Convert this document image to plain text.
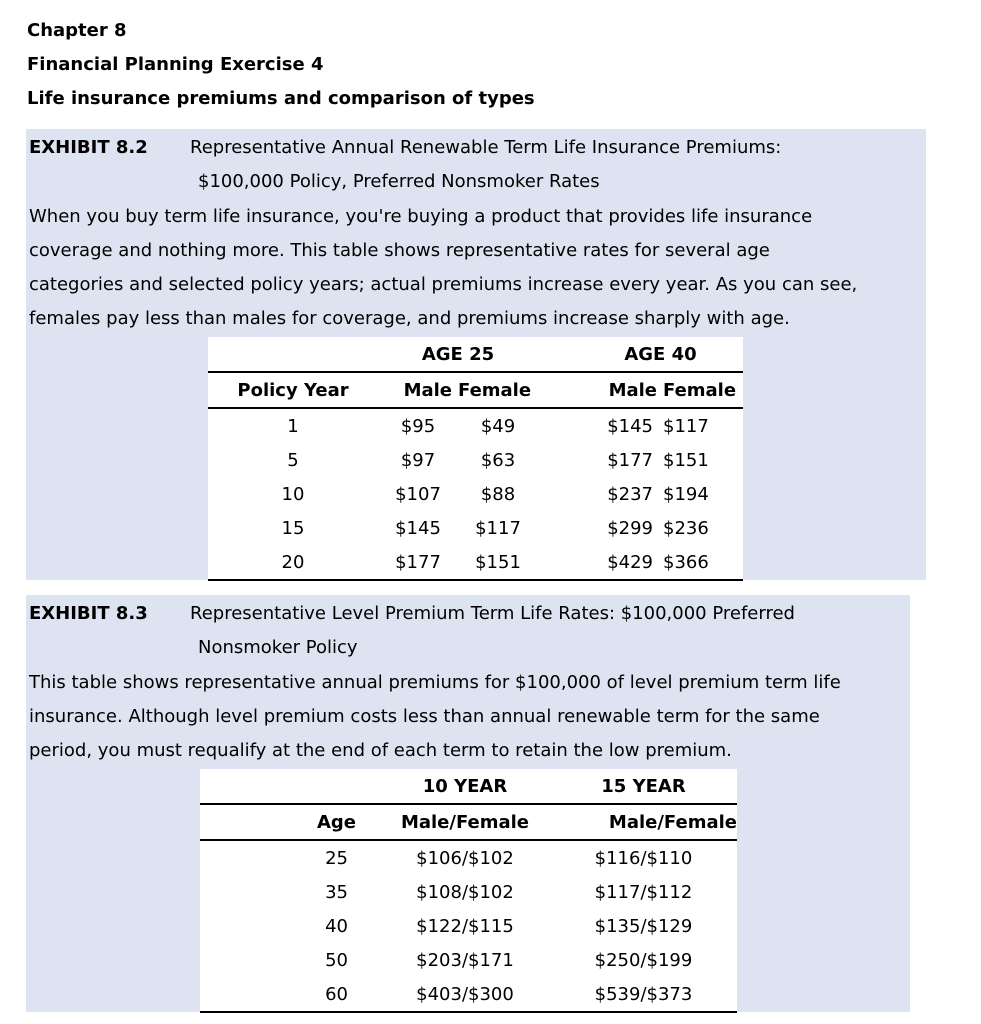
Chapter 8
Financial Planning Exercise 4
Life insurance premiums and comparison of types
EXHIBIT 8.2 Representative Annual Renewable Term Life Insurance Premiums:
$100,000 Policy, Preferred Nonsmoker Rates
When you buy term life insurance, you're buying a product that provides life insurance
coverage and nothing more. This table shows representative rates for several age
categories and selected policy years; actual premiums increase every year. As you can see,
females pay less than males for coverage, and premiums increase sharply with age.
	AGE 25		AGE 40	
Policy Year	Male	Female	Male	Female
1	$95	$49	$145	$117
5	$97	$63	$177	$151
10	$107	$88	$237	$194
15	$145	$117	$299	$236
20	$177	$151	$429	$366
EXHIBIT 8.3 Representative Level Premium Term Life Rates: $100,000 Preferred
Nonsmoker Policy
This table shows representative annual premiums for $100,000 of level premium term life
insurance. Although level premium costs less than annual renewable term for the same
period, you must requalify at the end of each term to retain the low premium.
	10 YEAR	15 YEAR
Age	Male/Female	Male/Female
25	$106/$102	$116/$110
35	$108/$102	$117/$112
40	$122/$115	$135/$129
50	$203/$171	$250/$199
60	$403/$300	$539/$373
